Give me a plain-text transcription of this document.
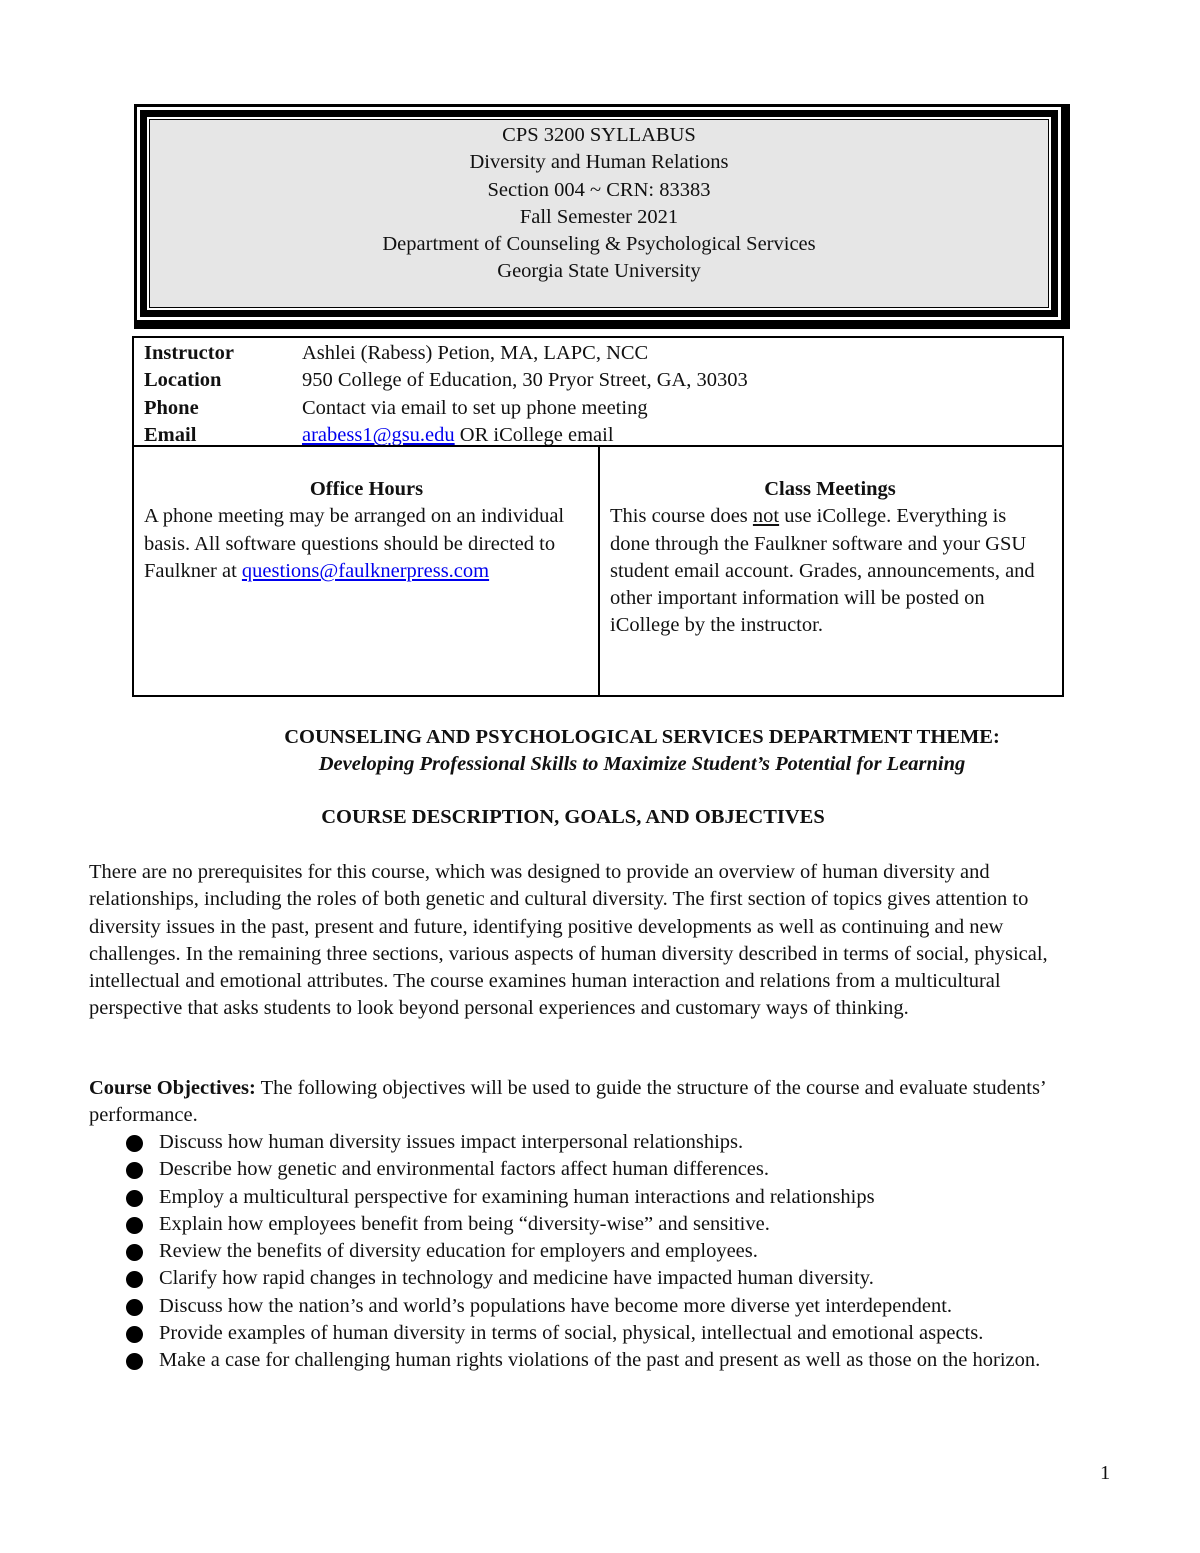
CPS 3200 SYLLABUS
Diversity and Human Relations
Section 004 ~ CRN: 83383
Fall Semester 2021
Department of Counseling & Psychological Services
Georgia State University
Instructor	Ashlei (Rabess) Petion, MA, LAPC, NCC
Location	950 College of Education, 30 Pryor Street, GA, 30303
Phone	Contact via email to set up phone meeting
Email	arabess1@gsu.edu OR iCollege email
Office Hours

A phone meeting may be arranged on an individual basis. All software questions should be directed to Faulkner at questions@faulknerpress.com

Class Meetings

This course does not use iCollege. Everything is done through the Faulkner software and your GSU student email account. Grades, announcements, and other important information will be posted on iCollege by the instructor.

COUNSELING AND PSYCHOLOGICAL SERVICES DEPARTMENT THEME:
Developing Professional Skills to Maximize Student’s Potential for Learning
COURSE DESCRIPTION, GOALS, AND OBJECTIVES

There are no prerequisites for this course, which was designed to provide an overview of human diversity and relationships, including the roles of both genetic and cultural diversity. The first section of topics gives attention to diversity issues in the past, present and future, identifying positive developments as well as continuing and new challenges. In the remaining three sections, various aspects of human diversity described in terms of social, physical, intellectual and emotional attributes. The course examines human interaction and relations from a multicultural perspective that asks students to look beyond personal experiences and customary ways of thinking.

Course Objectives: The following objectives will be used to guide the structure of the course and evaluate students’ performance.

Discuss how human diversity issues impact interpersonal relationships.
Describe how genetic and environmental factors affect human differences.
Employ a multicultural perspective for examining human interactions and relationships
Explain how employees benefit from being “diversity-wise” and sensitive.
Review the benefits of diversity education for employers and employees.
Clarify how rapid changes in technology and medicine have impacted human diversity.
Discuss how the nation’s and world’s populations have become more diverse yet interdependent.
Provide examples of human diversity in terms of social, physical, intellectual and emotional aspects.
Make a case for challenging human rights violations of the past and present as well as those on the horizon.
1
